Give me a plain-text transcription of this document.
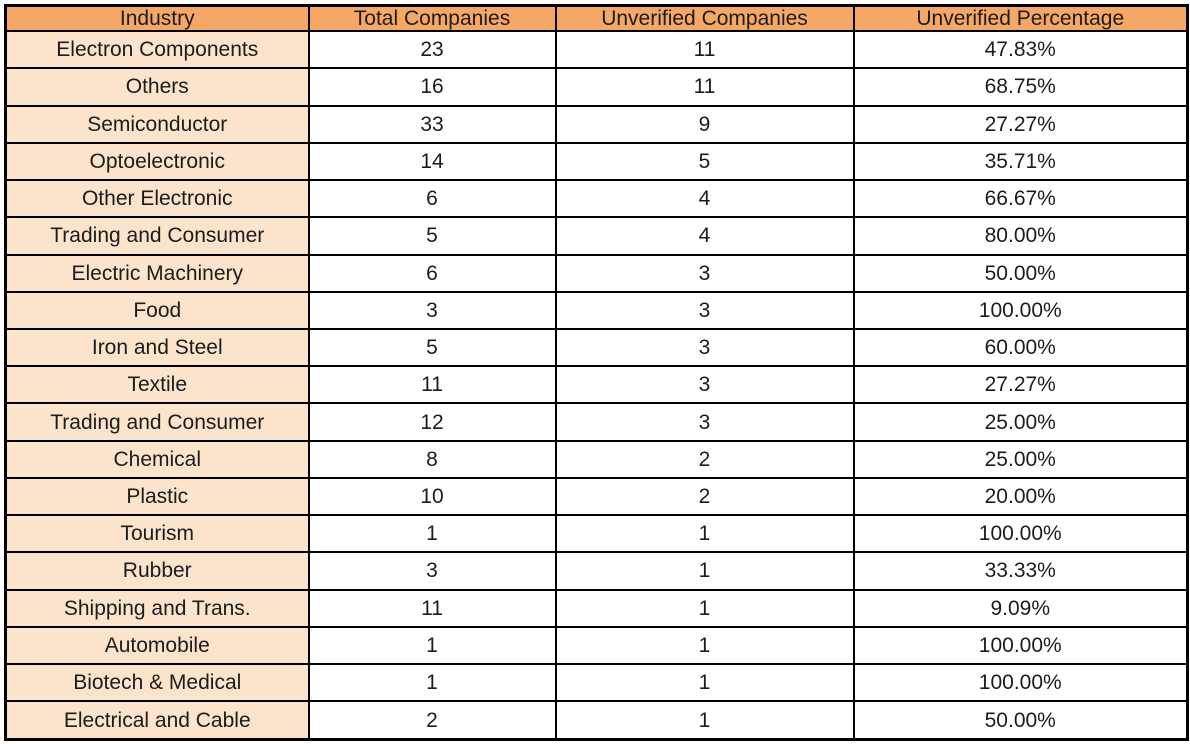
Industry	Total Companies	Unverified Companies	Unverified Percentage
Electron Components	23	11	47.83%
Others	16	11	68.75%
Semiconductor	33	9	27.27%
Optoelectronic	14	5	35.71%
Other Electronic	6	4	66.67%
Trading and Consumer	5	4	80.00%
Electric Machinery	6	3	50.00%
Food	3	3	100.00%
Iron and Steel	5	3	60.00%
Textile	11	3	27.27%
Trading and Consumer	12	3	25.00%
Chemical	8	2	25.00%
Plastic	10	2	20.00%
Tourism	1	1	100.00%
Rubber	3	1	33.33%
Shipping and Trans.	11	1	9.09%
Automobile	1	1	100.00%
Biotech & Medical	1	1	100.00%
Electrical and Cable	2	1	50.00%
